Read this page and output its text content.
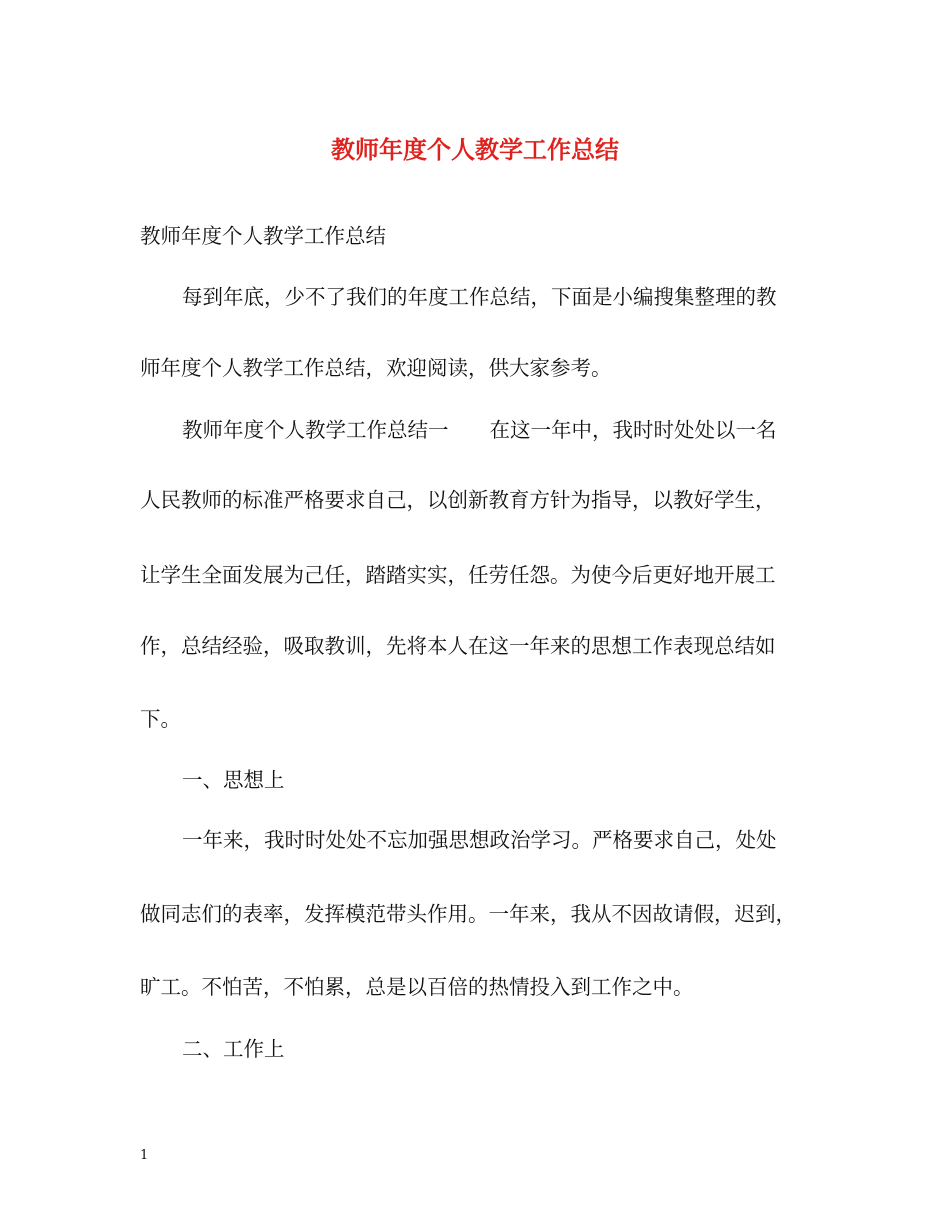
教师年度个人教学工作总结
教师年度个人教学工作总结
每到年底，少不了我们的年度工作总结，下面是小编搜集整理的教
师年度个人教学工作总结，欢迎阅读，供大家参考。
教师年度个人教学工作总结一　　在这一年中，我时时处处以一名
人民教师的标准严格要求自己，以创新教育方针为指导，以教好学生，
让学生全面发展为己任，踏踏实实，任劳任怨。为使今后更好地开展工
作，总结经验，吸取教训，先将本人在这一年来的思想工作表现总结如
下。
一、思想上
一年来，我时时处处不忘加强思想政治学习。严格要求自己，处处
做同志们的表率，发挥模范带头作用。一年来，我从不因故请假，迟到，
旷工。不怕苦，不怕累，总是以百倍的热情投入到工作之中。
二、工作上
1
